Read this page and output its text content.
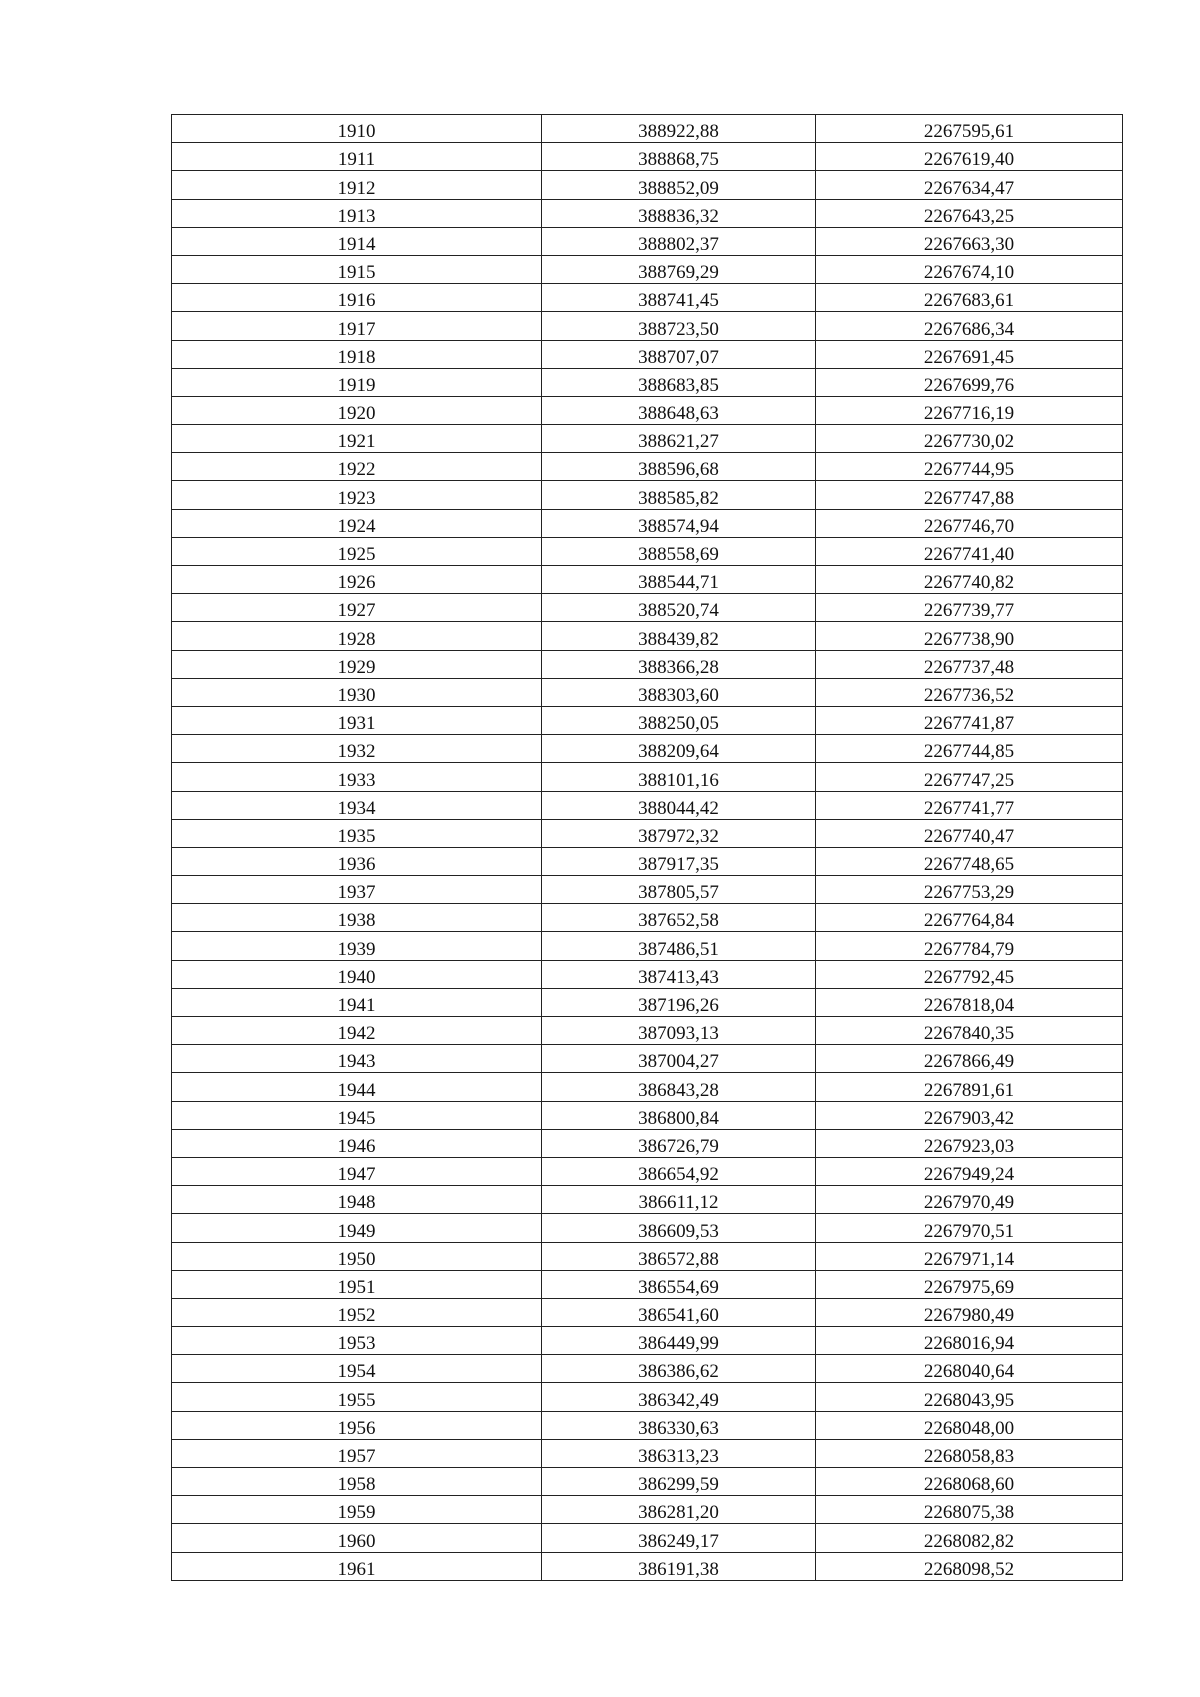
1910	388922,88	2267595,61
1911	388868,75	2267619,40
1912	388852,09	2267634,47
1913	388836,32	2267643,25
1914	388802,37	2267663,30
1915	388769,29	2267674,10
1916	388741,45	2267683,61
1917	388723,50	2267686,34
1918	388707,07	2267691,45
1919	388683,85	2267699,76
1920	388648,63	2267716,19
1921	388621,27	2267730,02
1922	388596,68	2267744,95
1923	388585,82	2267747,88
1924	388574,94	2267746,70
1925	388558,69	2267741,40
1926	388544,71	2267740,82
1927	388520,74	2267739,77
1928	388439,82	2267738,90
1929	388366,28	2267737,48
1930	388303,60	2267736,52
1931	388250,05	2267741,87
1932	388209,64	2267744,85
1933	388101,16	2267747,25
1934	388044,42	2267741,77
1935	387972,32	2267740,47
1936	387917,35	2267748,65
1937	387805,57	2267753,29
1938	387652,58	2267764,84
1939	387486,51	2267784,79
1940	387413,43	2267792,45
1941	387196,26	2267818,04
1942	387093,13	2267840,35
1943	387004,27	2267866,49
1944	386843,28	2267891,61
1945	386800,84	2267903,42
1946	386726,79	2267923,03
1947	386654,92	2267949,24
1948	386611,12	2267970,49
1949	386609,53	2267970,51
1950	386572,88	2267971,14
1951	386554,69	2267975,69
1952	386541,60	2267980,49
1953	386449,99	2268016,94
1954	386386,62	2268040,64
1955	386342,49	2268043,95
1956	386330,63	2268048,00
1957	386313,23	2268058,83
1958	386299,59	2268068,60
1959	386281,20	2268075,38
1960	386249,17	2268082,82
1961	386191,38	2268098,52
